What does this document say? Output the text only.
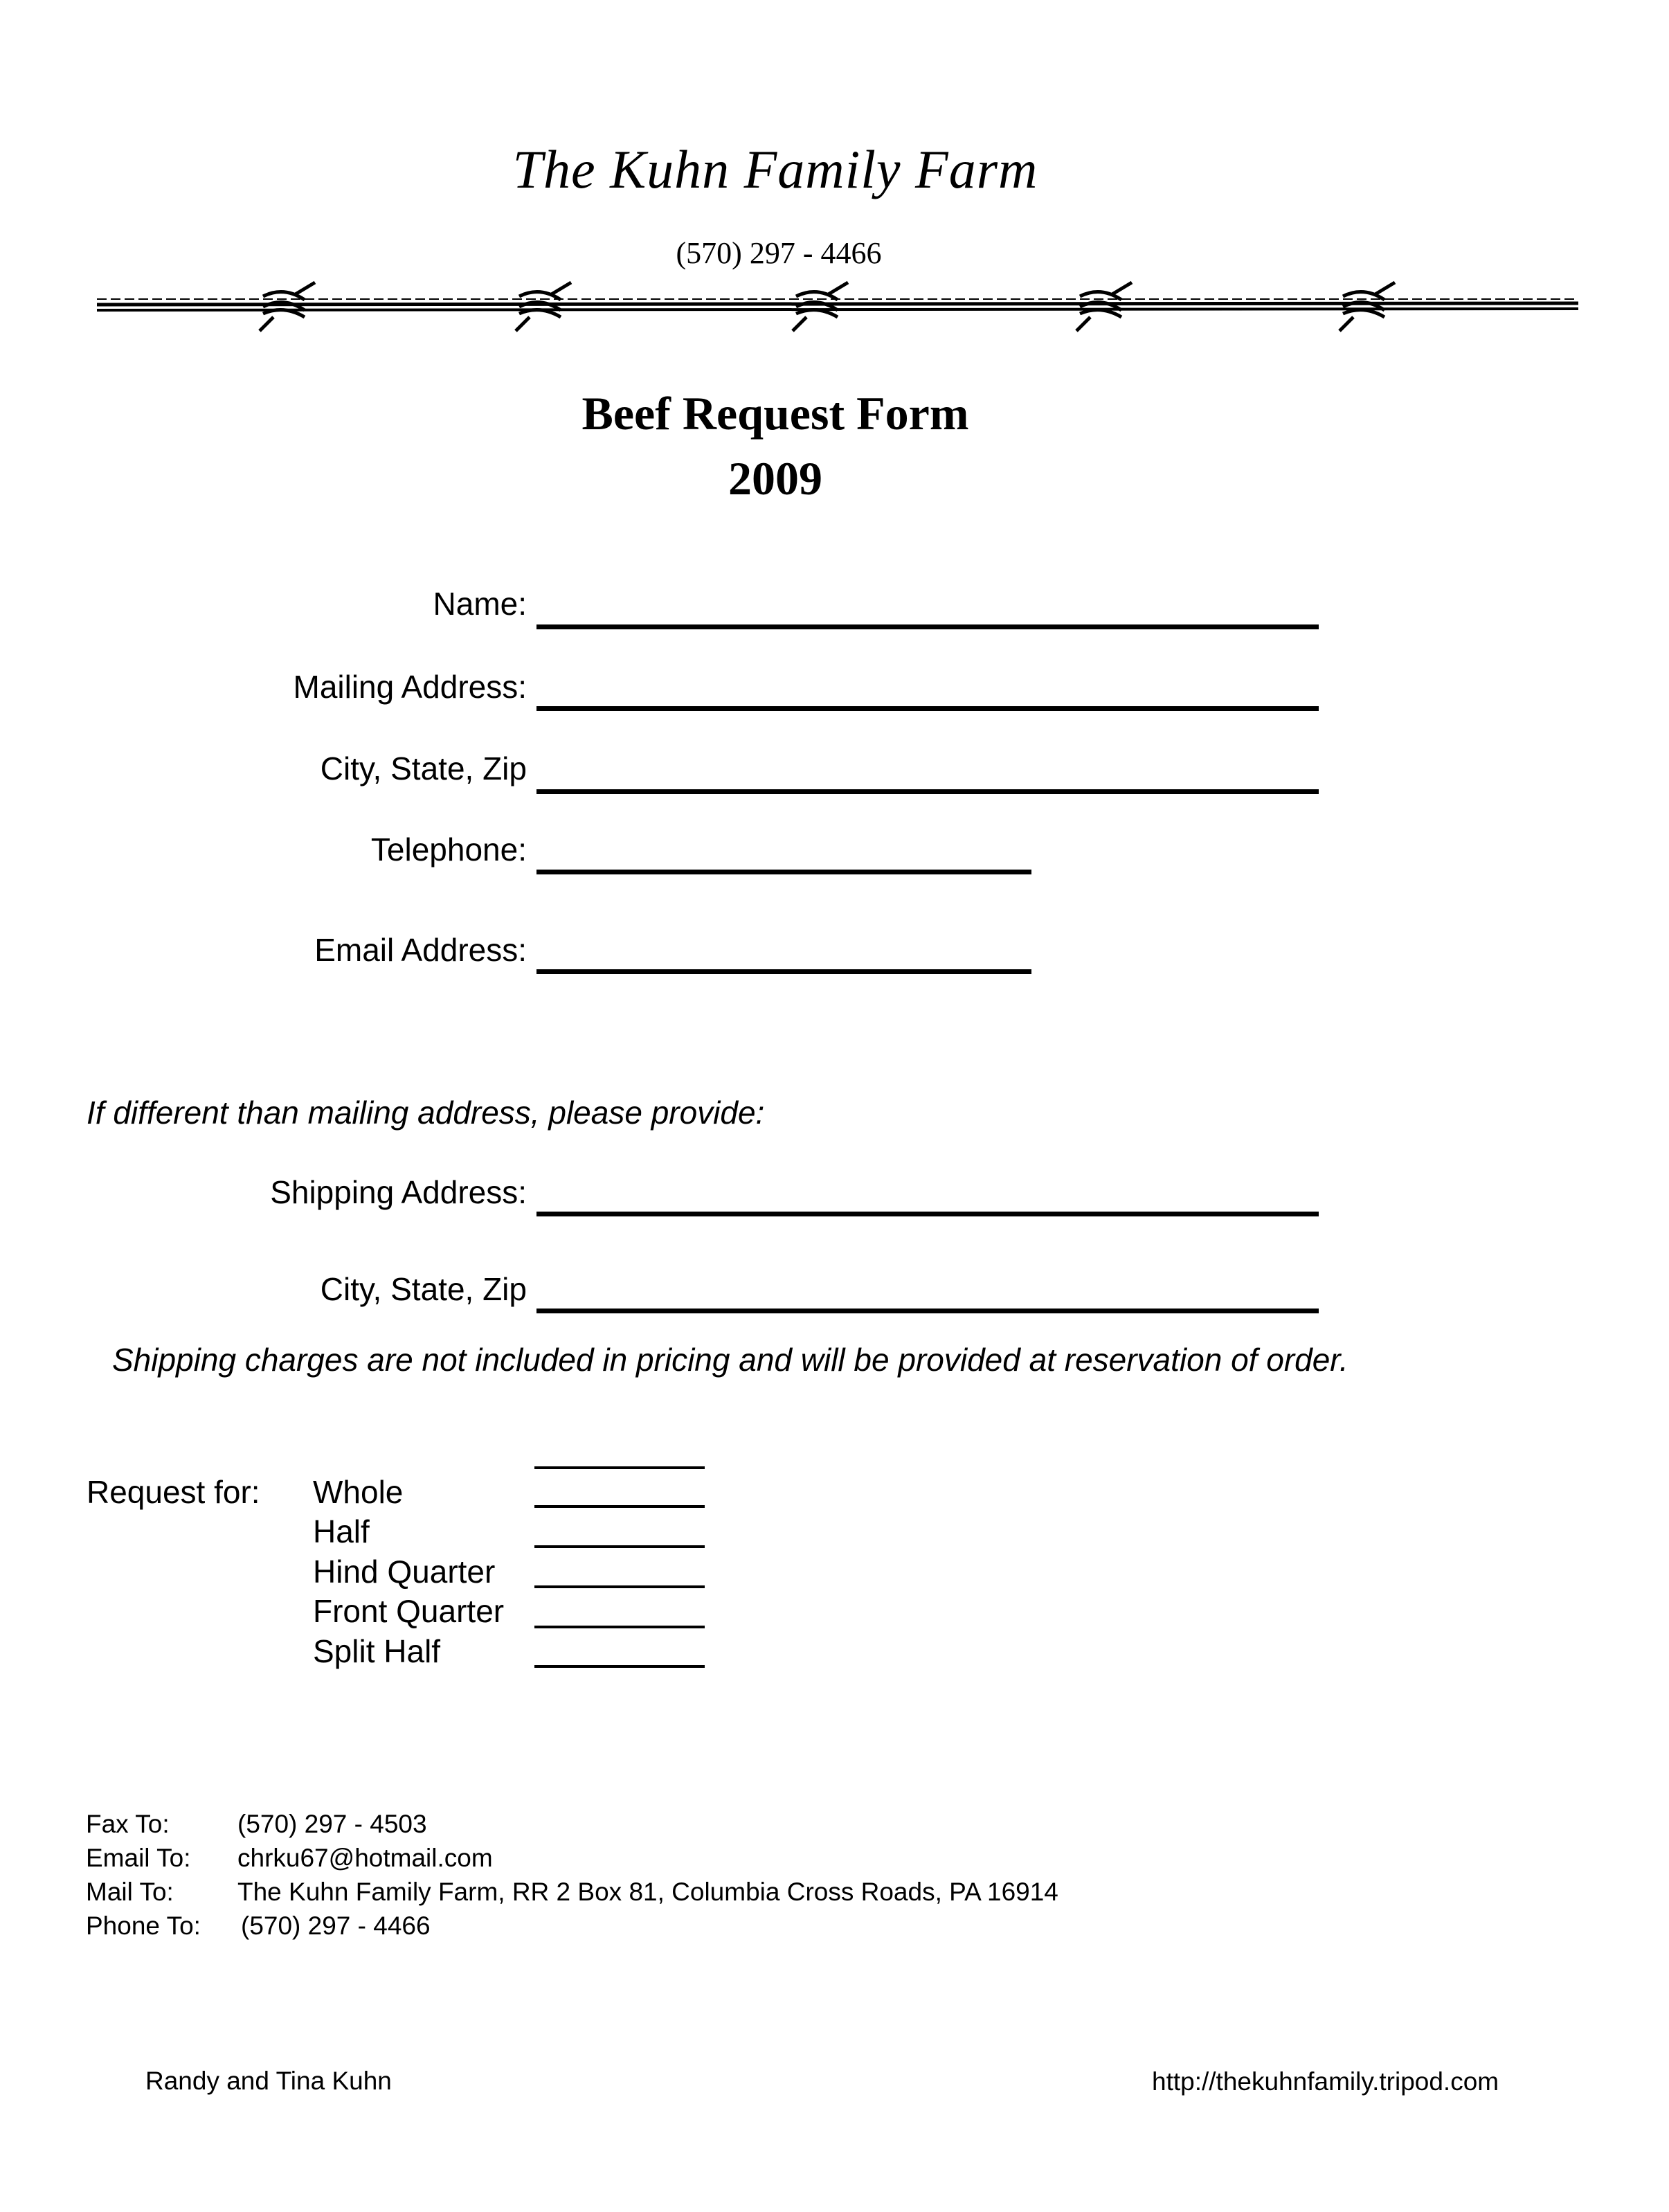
The Kuhn Family Farm
(570) 297 - 4466
Beef Request Form
2009
Name:
Mailing Address:
City, State, Zip
Telephone:
Email Address:
If different than mailing address, please provide:
Shipping Address:
City, State, Zip
Shipping charges are not included in pricing and will be provided at reservation of order.
Request for: Whole
Half
Hind Quarter
Front Quarter
Split Half
Fax To:	(570) 297 - 4503
Email To: chrku67@hotmail.com
Mail To: The Kuhn Family Farm, RR 2 Box 81, Columbia Cross Roads, PA 16914
Phone To: (570) 297 - 4466
Randy and Tina Kuhn	http://thekuhnfamily.tripod.com
